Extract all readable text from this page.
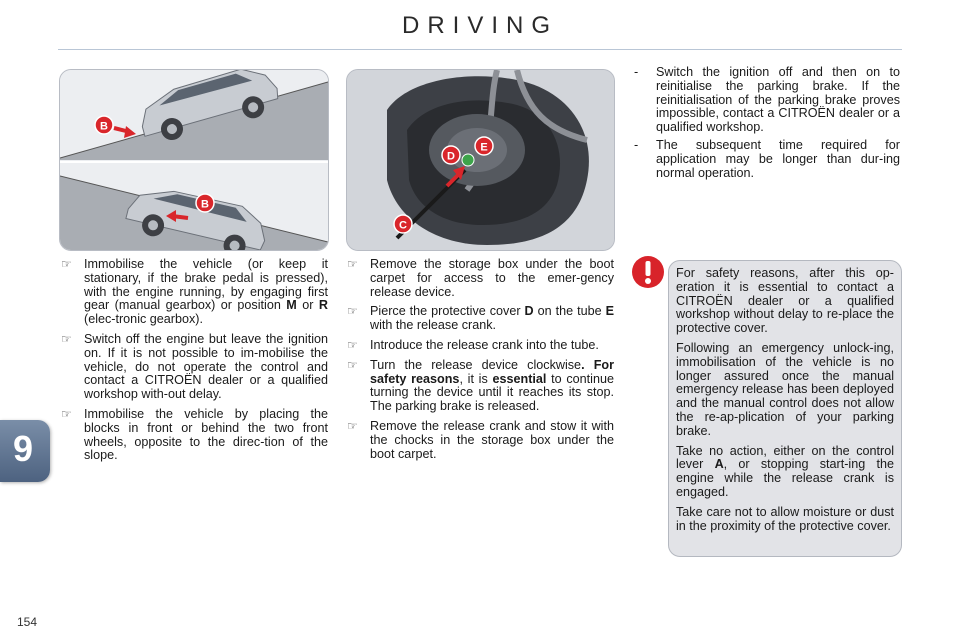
DRIVING
9
154
B
B
D
E
C
☞ Immobilise the vehicle (or keep it stationary, if the brake pedal is pressed), with the engine running, by engaging first gear (manual gearbox) or position M or R (elec-tronic gearbox).
☞ Switch off the engine but leave the ignition on. If it is not possible to im-mobilise the vehicle, do not operate the control and contact a CITROËN dealer or a qualified workshop with-out delay.
☞ Immobilise the vehicle by placing the blocks in front or behind the two front wheels, opposite to the direc-tion of the slope.
☞ Remove the storage box under the boot carpet for access to the emer-gency release device.
☞ Pierce the protective cover D on the tube E with the release crank.
☞ Introduce the release crank into the tube.
☞ Turn the release device clockwise. For safety reasons, it is essential to continue turning the device until it reaches its stop. The parking brake is released.
☞ Remove the release crank and stow it with the chocks in the storage box under the boot carpet.
- Switch the ignition off and then on to reinitialise the parking brake. If the reinitialisation of the parking brake proves impossible, contact a CITROËN dealer or a qualified workshop.
- The subsequent time required for application may be longer than dur-ing normal operation.

For safety reasons, after this op-eration it is essential to contact a CITROËN dealer or a qualified workshop without delay to re-place the protective cover.

Following an emergency unlock-ing, immobilisation of the vehicle is no longer assured once the manual emergency release has been deployed and the manual control does not allow the re-ap-plication of your parking brake.

Take no action, either on the control lever A, or stopping start-ing the engine while the release crank is engaged.

Take care not to allow moisture or dust in the proximity of the protective cover.
